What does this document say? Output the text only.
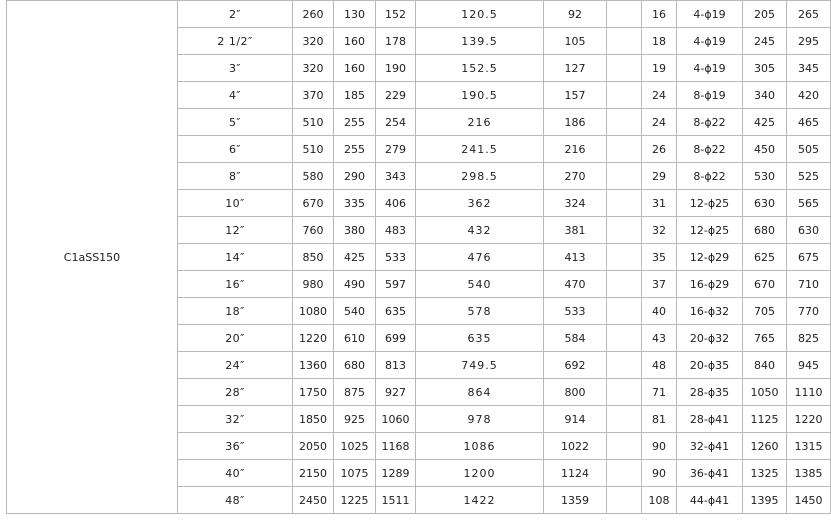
C1aSS150	2″	260	130	152	120.5	92		16	4-ϕ19	205	265
	2 1/2″	320	160	178	139.5	105		18	4-ϕ19	245	295
	3″	320	160	190	152.5	127		19	4-ϕ19	305	345
	4″	370	185	229	190.5	157		24	8-ϕ19	340	420
	5″	510	255	254	216	186		24	8-ϕ22	425	465
	6″	510	255	279	241.5	216		26	8-ϕ22	450	505
	8″	580	290	343	298.5	270		29	8-ϕ22	530	525
	10″	670	335	406	362	324		31	12-ϕ25	630	565
	12″	760	380	483	432	381		32	12-ϕ25	680	630
	14″	850	425	533	476	413		35	12-ϕ29	625	675
	16″	980	490	597	540	470		37	16-ϕ29	670	710
	18″	1080	540	635	578	533		40	16-ϕ32	705	770
	20″	1220	610	699	635	584		43	20-ϕ32	765	825
	24″	1360	680	813	749.5	692		48	20-ϕ35	840	945
	28″	1750	875	927	864	800		71	28-ϕ35	1050	1110
	32″	1850	925	1060	978	914		81	28-ϕ41	1125	1220
	36″	2050	1025	1168	1086	1022		90	32-ϕ41	1260	1315
	40″	2150	1075	1289	1200	1124		90	36-ϕ41	1325	1385
	48″	2450	1225	1511	1422	1359		108	44-ϕ41	1395	1450
